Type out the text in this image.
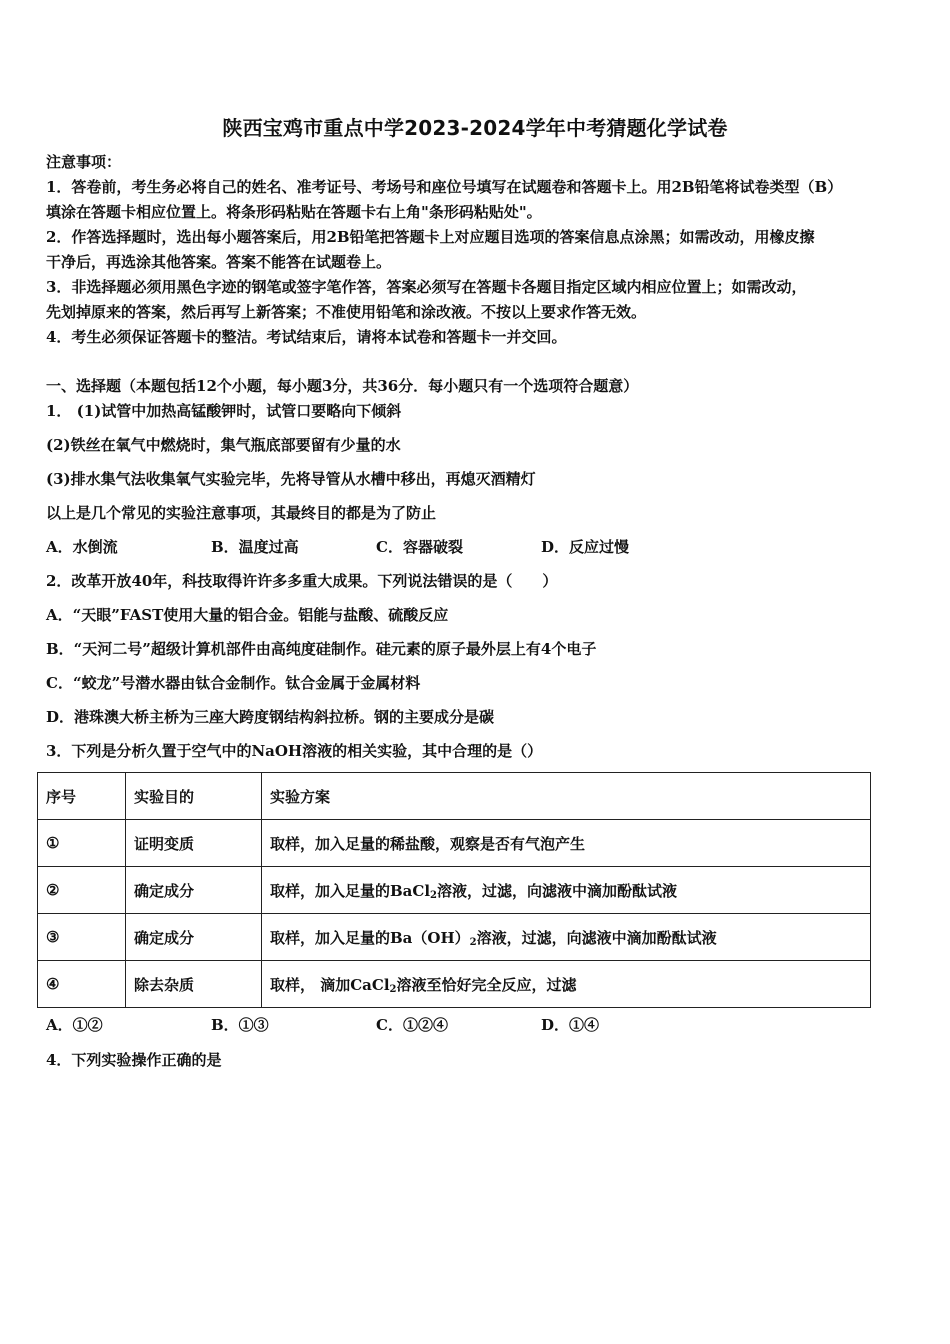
陕西宝鸡市重点中学2023-2024学年中考猜题化学试卷
注意事项：
1．答卷前，考生务必将自己的姓名、准考证号、考场号和座位号填写在试题卷和答题卡上。用2B铅笔将试卷类型（B）
填涂在答题卡相应位置上。将条形码粘贴在答题卡右上角"条形码粘贴处"。
2．作答选择题时，选出每小题答案后，用2B铅笔把答题卡上对应题目选项的答案信息点涂黑；如需改动，用橡皮擦
干净后，再选涂其他答案。答案不能答在试题卷上。
3．非选择题必须用黑色字迹的钢笔或签字笔作答，答案必须写在答题卡各题目指定区域内相应位置上；如需改动，
先划掉原来的答案，然后再写上新答案；不准使用铅笔和涂改液。不按以上要求作答无效。
4．考生必须保证答题卡的整洁。考试结束后，请将本试卷和答题卡一并交回。
一、选择题（本题包括12个小题，每小题3分，共36分．每小题只有一个选项符合题意）
1． (1)试管中加热高锰酸钾时，试管口要略向下倾斜
(2)铁丝在氧气中燃烧时，集气瓶底部要留有少量的水
(3)排水集气法收集氧气实验完毕，先将导管从水槽中移出，再熄灭酒精灯
以上是几个常见的实验注意事项，其最终目的都是为了防止
A．水倒流	B．温度过高	C．容器破裂	D．反应过慢
2．改革开放40年，科技取得许许多多重大成果。下列说法错误的是（　　）
A．“天眼”FAST使用大量的铝合金。铝能与盐酸、硫酸反应
B．“天河二号”超级计算机部件由高纯度硅制作。硅元素的原子最外层上有4个电子
C．“蛟龙”号潜水器由钛合金制作。钛合金属于金属材料
D．港珠澳大桥主桥为三座大跨度钢结构斜拉桥。钢的主要成分是碳
3．下列是分析久置于空气中的NaOH溶液的相关实验，其中合理的是（）
序号	实验目的	实验方案
①	证明变质	取样，加入足量的稀盐酸，观察是否有气泡产生
②	确定成分	取样，加入足量的BaCl$_2$溶液，过滤，向滤液中滴加酚酞试液
③	确定成分	取样，加入足量的$Ba(OH)_2$溶液，过滤，向滤液中滴加酚酞试液
④	除去杂质	取样， 滴加CaCl$_2$溶液至恰好完全反应，过滤
A．①②	B．①③	C．①②④	D．①④
4．下列实验操作正确的是
